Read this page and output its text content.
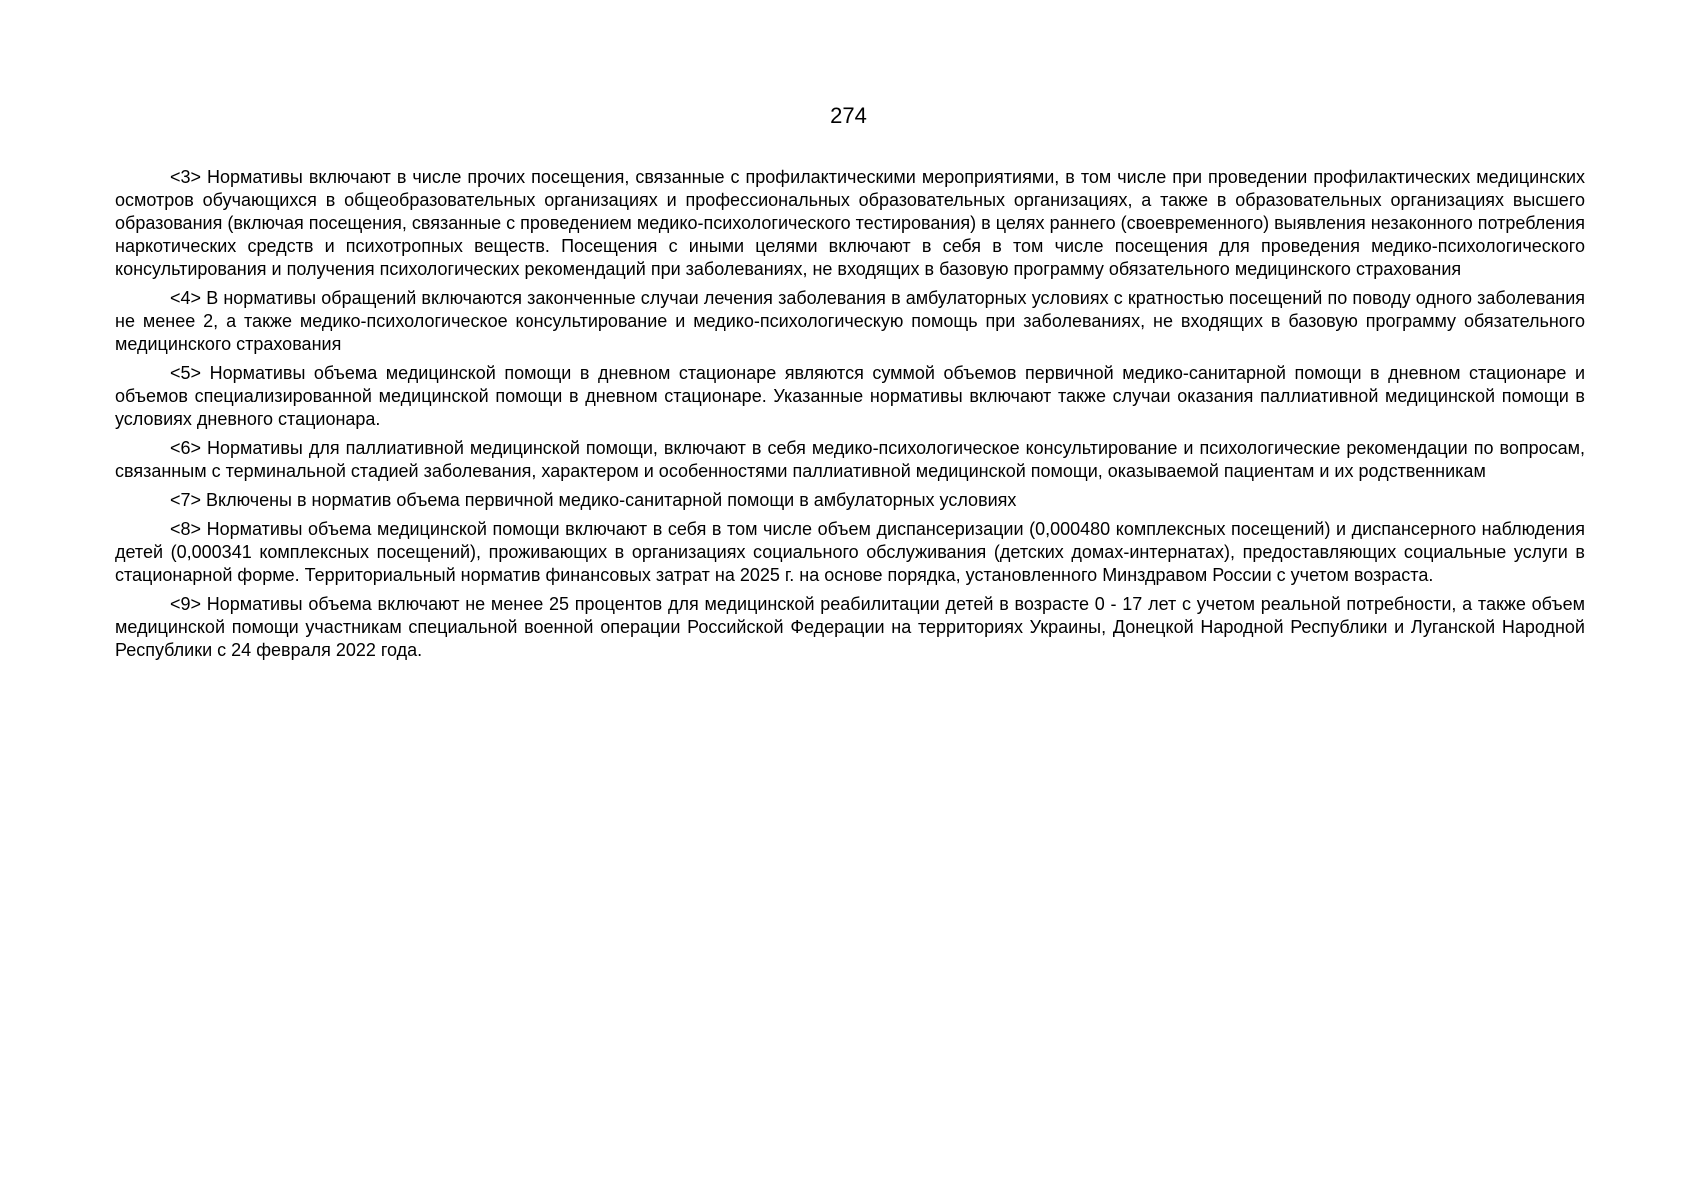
274

<3> Нормативы включают в числе прочих посещения, связанные с профилактическими мероприятиями, в том числе при проведении профилактических медицинских осмотров обучающихся в общеобразовательных организациях и профессиональных образовательных организациях, а также в образовательных организациях высшего образования (включая посещения, связанные с проведением медико-психологического тестирования) в целях раннего (своевременного) выявления незаконного потребления наркотических средств и психотропных веществ. Посещения с иными целями включают в себя в том числе посещения для проведения медико-психологического консультирования и получения психологических рекомендаций при заболеваниях, не входящих в базовую программу обязательного медицинского страхования

<4> В нормативы обращений включаются законченные случаи лечения заболевания в амбулаторных условиях с кратностью посещений по поводу одного заболевания не менее 2, а также медико-психологическое консультирование и медико-психологическую помощь при заболеваниях, не входящих в базовую программу обязательного медицинского страхования

<5> Нормативы объема медицинской помощи в дневном стационаре являются суммой объемов первичной медико-санитарной помощи в дневном стационаре и объемов специализированной медицинской помощи в дневном стационаре. Указанные нормативы включают также случаи оказания паллиативной медицинской помощи в условиях дневного стационара.

<6> Нормативы для паллиативной медицинской помощи, включают в себя медико-психологическое консультирование и психологические рекомендации по вопросам, связанным с терминальной стадией заболевания, характером и особенностями паллиативной медицинской помощи, оказываемой пациентам и их родственникам

<7> Включены в норматив объема первичной медико-санитарной помощи в амбулаторных условиях

<8> Нормативы объема медицинской помощи включают в себя в том числе объем диспансеризации (0,000480 комплексных посещений) и диспансерного наблюдения детей (0,000341 комплексных посещений), проживающих в организациях социального обслуживания (детских домах-интернатах), предоставляющих социальные услуги в стационарной форме. Территориальный норматив финансовых затрат на 2025 г. на основе порядка, установленного Минздравом России с учетом возраста.

<9> Нормативы объема включают не менее 25 процентов для медицинской реабилитации детей в возрасте 0 - 17 лет с учетом реальной потребности, а также объем медицинской помощи участникам специальной военной операции Российской Федерации на территориях Украины, Донецкой Народной Республики и Луганской Народной Республики с 24 февраля 2022 года.
